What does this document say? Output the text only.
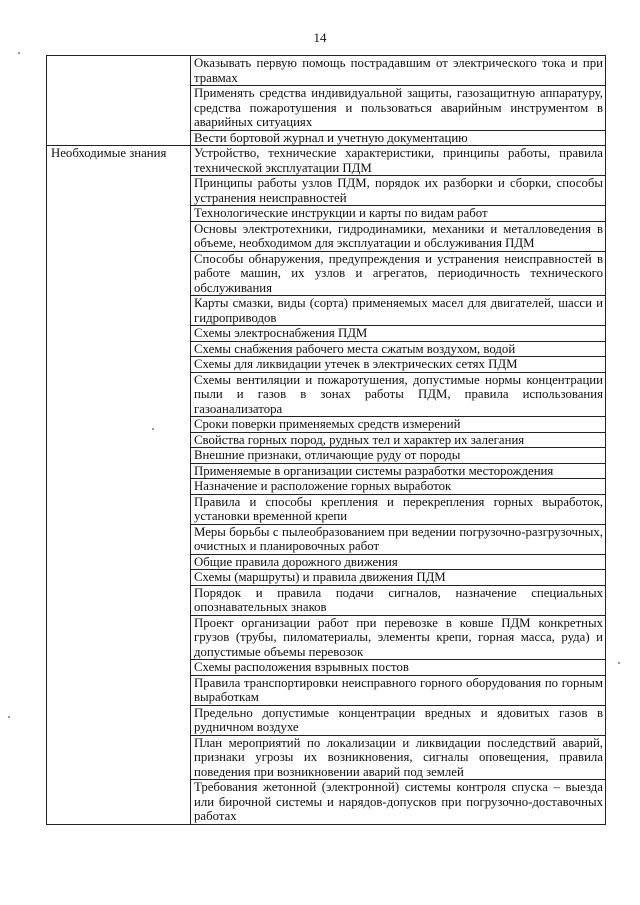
14
	Оказывать первую помощь пострадавшим от электрического тока и при травмах
	Применять средства индивидуальной защиты, газозащитную аппаратуру, средства пожаротушения и пользоваться аварийным инструментом в аварийных ситуациях
	Вести бортовой журнал и учетную документацию
Необходимые знания	Устройство, технические характеристики, принципы работы, правила технической эксплуатации ПДМ
	Принципы работы узлов ПДМ, порядок их разборки и сборки, способы устранения неисправностей
	Технологические инструкции и карты по видам работ
	Основы электротехники, гидродинамики, механики и металловедения в объеме, необходимом для эксплуатации и обслуживания ПДМ
	Способы обнаружения, предупреждения и устранения неисправностей в работе машин, их узлов и агрегатов, периодичность технического обслуживания
	Карты смазки, виды (сорта) применяемых масел для двигателей, шасси и гидроприводов
	Схемы электроснабжения ПДМ
	Схемы снабжения рабочего места сжатым воздухом, водой
	Схемы для ликвидации утечек в электрических сетях ПДМ
	Схемы вентиляции и пожаротушения, допустимые нормы концентрации пыли и газов в зонах работы ПДМ, правила использования газоанализатора
	Сроки поверки применяемых средств измерений
	Свойства горных пород, рудных тел и характер их залегания
	Внешние признаки, отличающие руду от породы
	Применяемые в организации системы разработки месторождения
	Назначение и расположение горных выработок
	Правила и способы крепления и перекрепления горных выработок, установки временной крепи
	Меры борьбы с пылеобразованием при ведении погрузочно-разгрузочных, очистных и планировочных работ
	Общие правила дорожного движения
	Схемы (маршруты) и правила движения ПДМ
	Порядок и правила подачи сигналов, назначение специальных опознавательных знаков
	Проект организации работ при перевозке в ковше ПДМ конкретных грузов (трубы, пиломатериалы, элементы крепи, горная масса, руда) и допустимые объемы перевозок
	Схемы расположения взрывных постов
	Правила транспортировки неисправного горного оборудования по горным выработкам
	Предельно допустимые концентрации вредных и ядовитых газов в рудничном воздухе
	План мероприятий по локализации и ликвидации последствий аварий, признаки угрозы их возникновения, сигналы оповещения, правила поведения при возникновении аварий под землей
	Требования жетонной (электронной) системы контроля спуска – выезда или бирочной системы и нарядов-допусков при погрузочно-доставочных работах
